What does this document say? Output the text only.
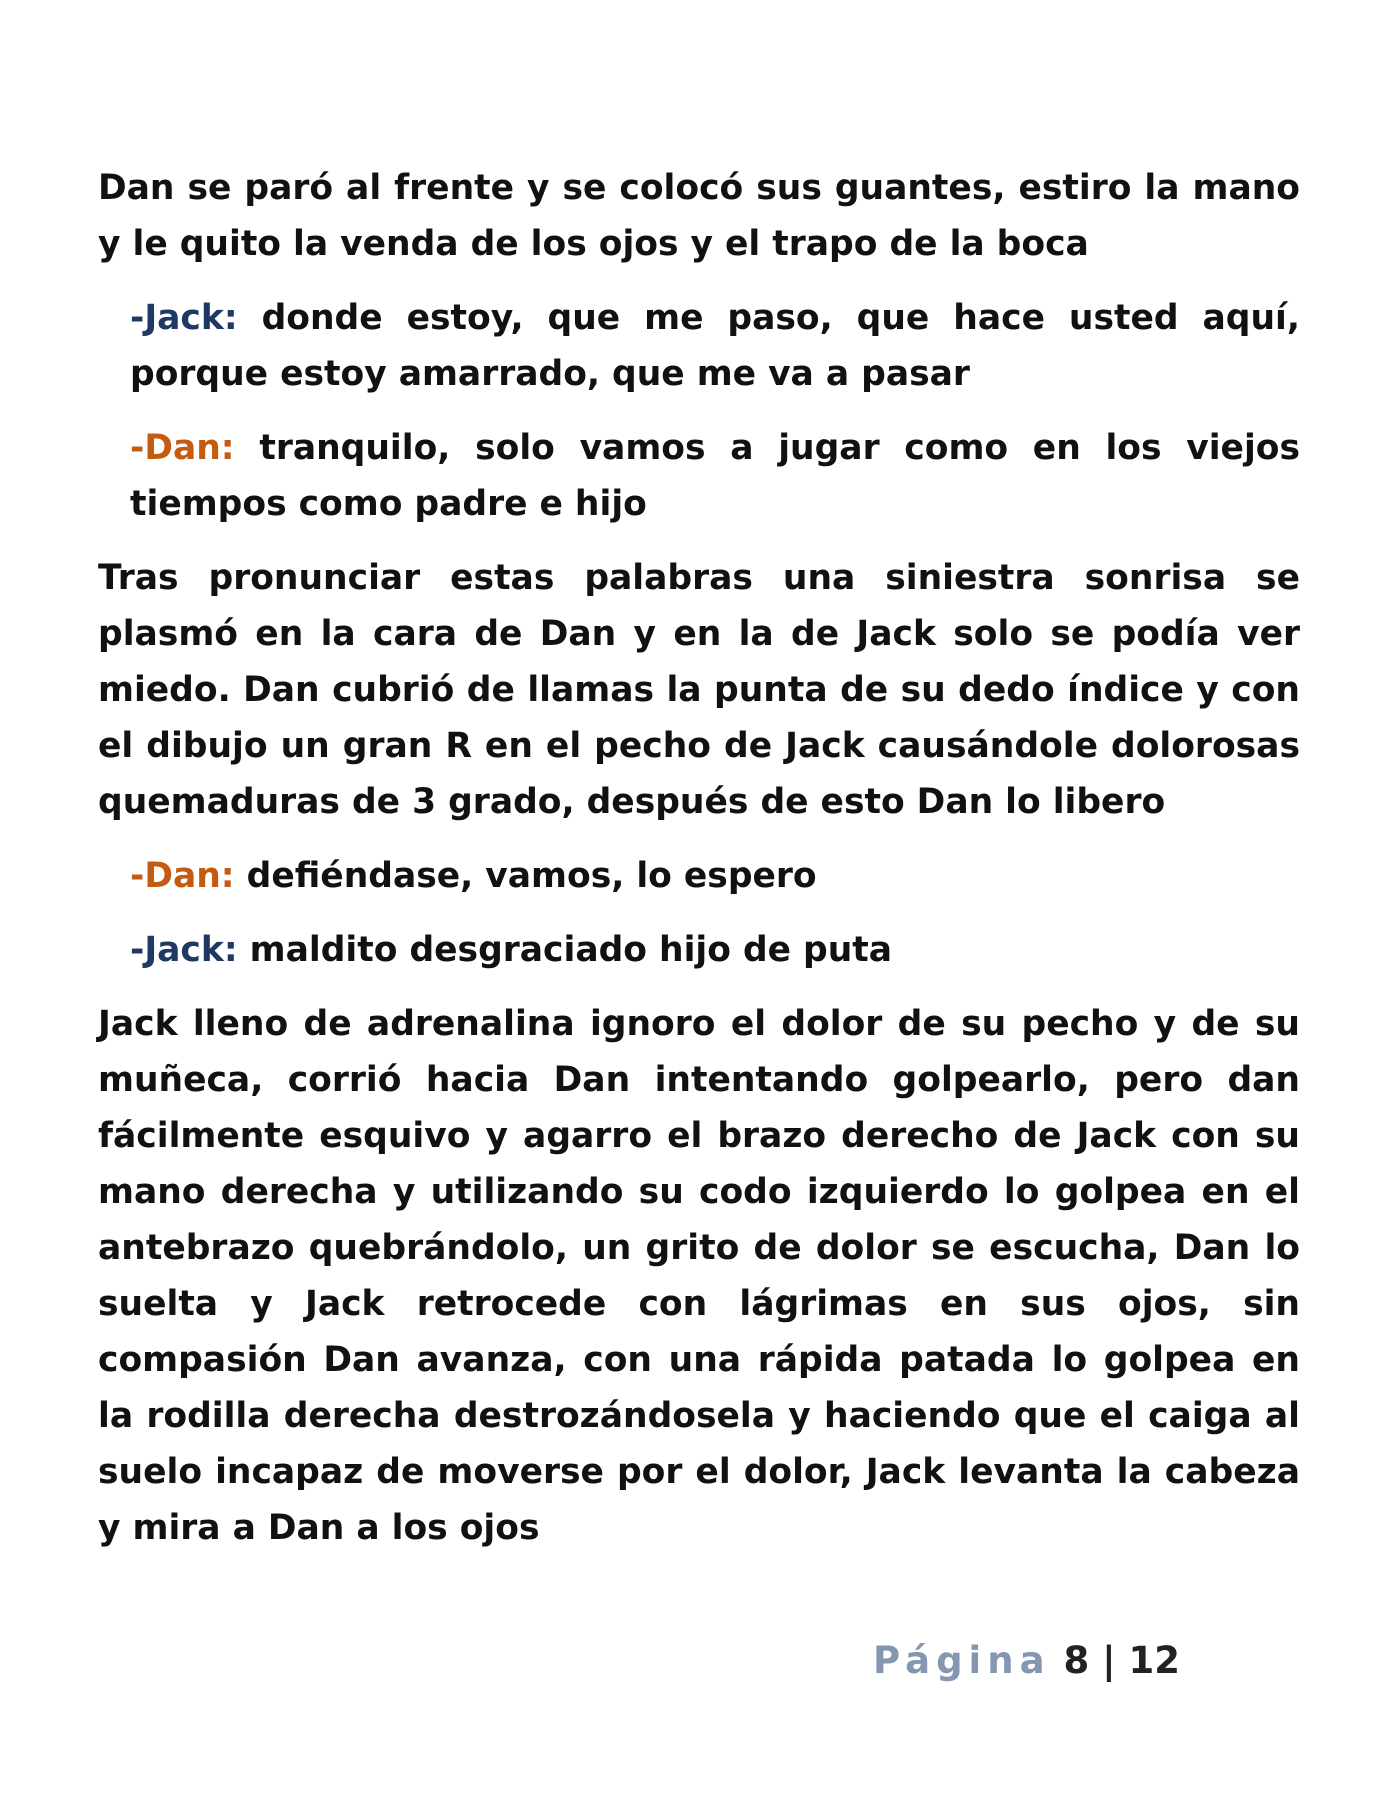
Dan se paró al frente y se colocó sus guantes, estiro la mano y le quito la venda de los ojos y el trapo de la boca

-Jack: donde estoy, que me paso, que hace usted aquí, porque estoy amarrado, que me va a pasar

-Dan: tranquilo, solo vamos a jugar como en los viejos tiempos como padre e hijo

Tras pronunciar estas palabras una siniestra sonrisa se plasmó en la cara de Dan y en la de Jack solo se podía ver miedo. Dan cubrió de llamas la punta de su dedo índice y con el dibujo un gran R en el pecho de Jack causándole dolorosas quemaduras de 3 grado, después de esto Dan lo libero

-Dan: defiéndase, vamos, lo espero

-Jack: maldito desgraciado hijo de puta

Jack lleno de adrenalina ignoro el dolor de su pecho y de su muñeca, corrió hacia Dan intentando golpearlo, pero dan fácilmente esquivo y agarro el brazo derecho de Jack con su mano derecha y utilizando su codo izquierdo lo golpea en el antebrazo quebrándolo, un grito de dolor se escucha, Dan lo suelta y Jack retrocede con lágrimas en sus ojos, sin compasión Dan avanza, con una rápida patada lo golpea en la rodilla derecha destrozándosela y haciendo que el caiga al suelo incapaz de moverse por el dolor, Jack levanta la cabeza y mira a Dan a los ojos

Página 8 | 12
